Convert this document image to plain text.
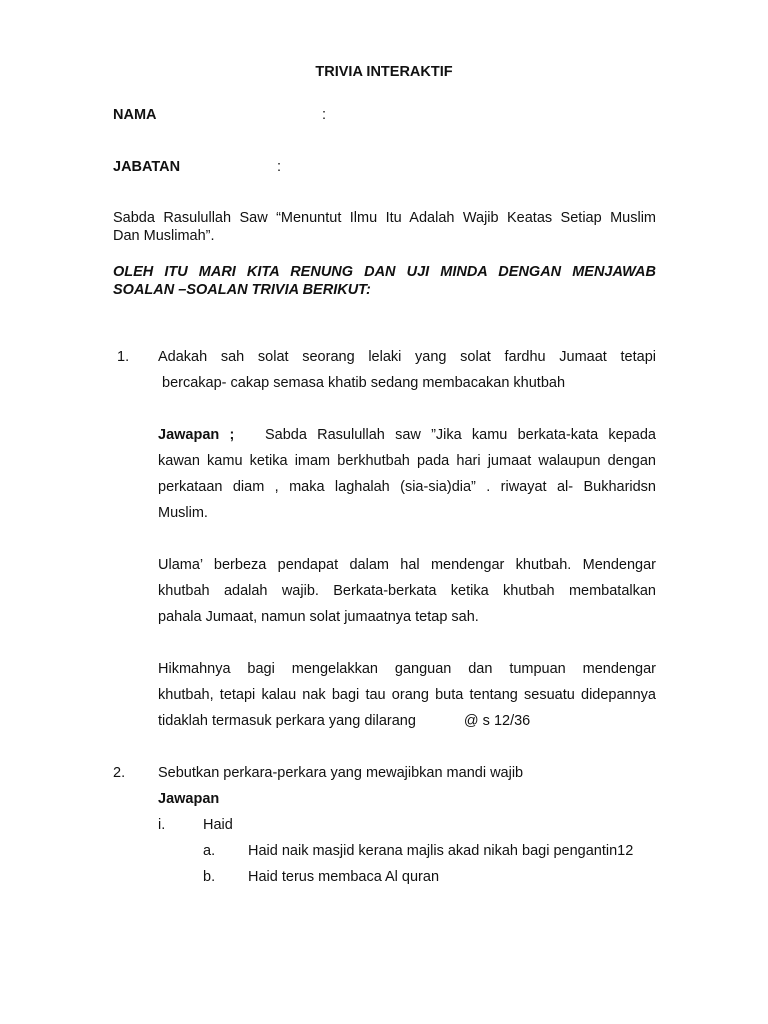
TRIVIA INTERAKTIF
NAMA	:
JABATAN	:
Sabda Rasulullah Saw “Menuntut Ilmu Itu Adalah Wajib Keatas Setiap Muslim
Dan Muslimah”.
OLEH ITU MARI KITA RENUNG DAN UJI MINDA DENGAN MENJAWAB
SOALAN –SOALAN TRIVIA BERIKUT:
1. Adakah sah solat seorang lelaki yang solat fardhu Jumaat tetapi
bercakap- cakap semasa khatib sedang membacakan khutbah
Jawapan ; Sabda Rasulullah saw ”Jika kamu berkata-kata kepada
kawan kamu ketika imam berkhutbah pada hari jumaat walaupun dengan
perkataan diam , maka laghalah (sia-sia)dia” . riwayat al- Bukharidsn
Muslim.
Ulama’ berbeza pendapat dalam hal mendengar khutbah. Mendengar
khutbah adalah wajib. Berkata-berkata ketika khutbah membatalkan
pahala Jumaat, namun solat jumaatnya tetap sah.
Hikmahnya bagi mengelakkan ganguan dan tumpuan mendengar
khutbah, tetapi kalau nak bagi tau orang buta tentang sesuatu didepannya
tidaklah termasuk perkara yang dilarang	@ s 12/36
2. Sebutkan perkara-perkara yang mewajibkan mandi wajib
Jawapan
i.	Haid
a. Haid naik masjid kerana majlis akad nikah bagi pengantin12
b. Haid terus membaca Al quran
